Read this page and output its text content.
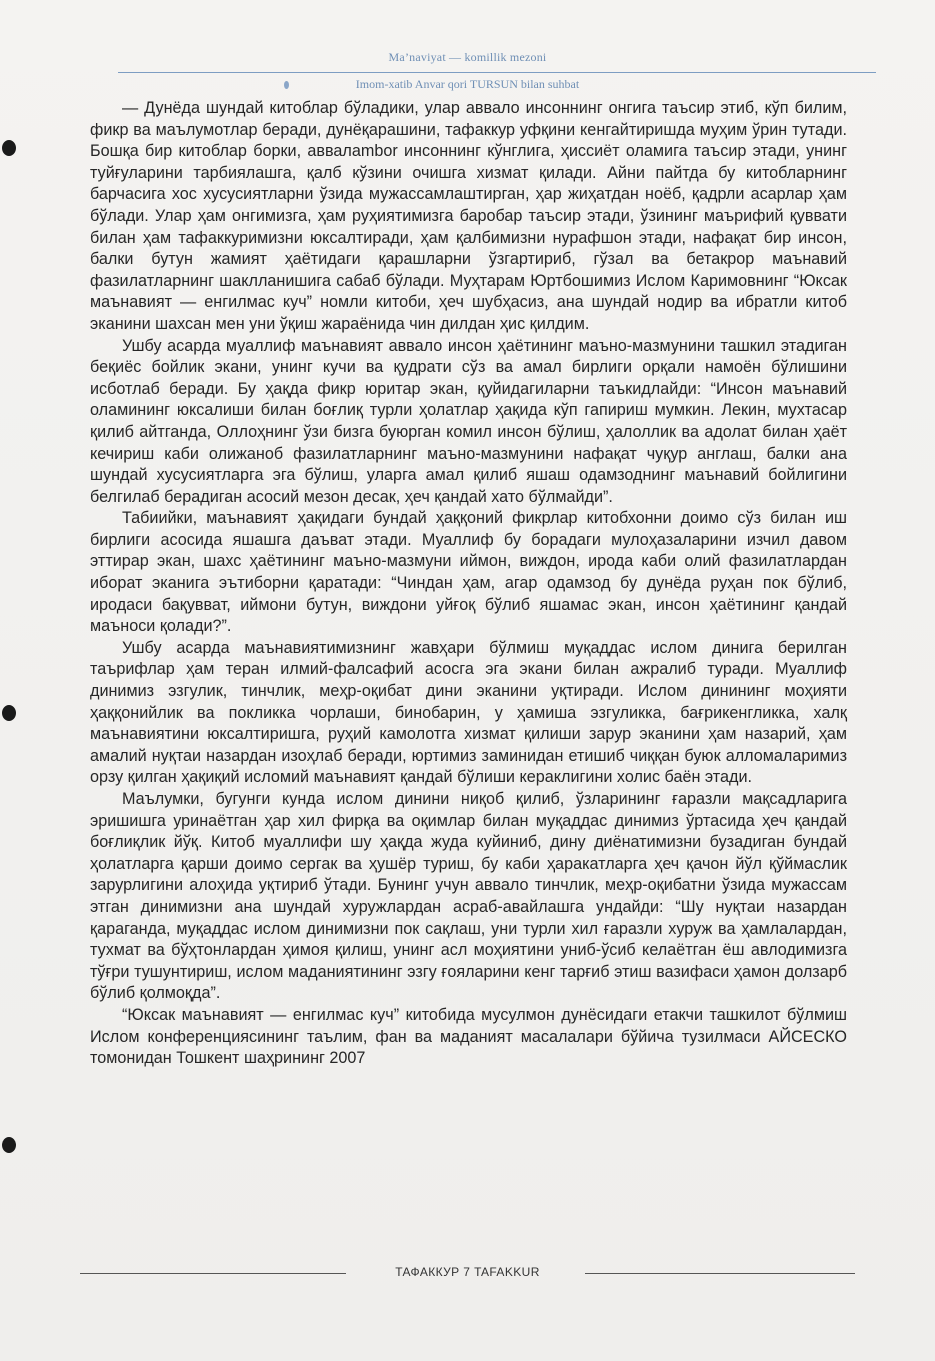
Ma’naviyat — komillik mezoni
Imom-xatib Anvar qori TURSUN bilan suhbat

— Дунёда шундай китоблар бўладики, улар аввало инсоннинг онгига таъсир этиб, кўп билим, фикр ва маълумотлар беради, дунёқарашини, тафаккур уфқини кенгайтиришда муҳим ўрин тутади. Бошқа бир китоблар борки, аввалambor инсоннинг кўнглига, ҳиссиёт оламига таъсир этади, унинг туйғуларини тарбиялашга, қалб кўзини очишга хизмат қилади. Айни пайтда бу китобларнинг барчасига хос хусусиятларни ўзида мужассамлаштирган, ҳар жиҳатдан ноёб, қадрли асарлар ҳам бўлади. Улар ҳам онгимизга, ҳам руҳиятимизга баробар таъсир этади, ўзининг маърифий қуввати билан ҳам тафаккуримизни юксалтиради, ҳам қалбимизни нурафшон этади, нафақат бир инсон, балки бутун жамият ҳаётидаги қарашларни ўзгартириб, гўзал ва бетакрор маънавий фазилатларнинг шаклланишига сабаб бўлади. Муҳтарам Юртбошимиз Ислом Каримовнинг “Юксак маънавият — енгилмас куч” номли китоби, ҳеч шубҳасиз, ана шундай нодир ва ибратли китоб эканини шахсан мен уни ўқиш жараёнида чин дилдан ҳис қилдим.

Ушбу асарда муаллиф маънавият аввало инсон ҳаётининг маъно-мазмунини ташкил этадиган беқиёс бойлик экани, унинг кучи ва қудрати сўз ва амал бирлиги орқали намоён бўлишини исботлаб беради. Бу ҳақда фикр юритар экан, қуйидагиларни таъкидлайди: “Инсон маънавий оламининг юксалиши билан боғлиқ турли ҳолатлар ҳақида кўп гапириш мумкин. Лекин, мухтасар қилиб айтганда, Оллоҳнинг ўзи бизга буюрган комил инсон бўлиш, ҳалоллик ва адолат билан ҳаёт кечириш каби олижаноб фазилатларнинг маъно-мазмунини нафақат чуқур англаш, балки ана шундай хусусиятларга эга бўлиш, уларга амал қилиб яшаш одамзоднинг маънавий бойлигини белгилаб берадиган асосий мезон десак, ҳеч қандай хато бўлмайди”.

Табиийки, маънавият ҳақидаги бундай ҳаққоний фикрлар китобхонни доимо сўз билан иш бирлиги асосида яшашга даъват этади. Муаллиф бу борадаги мулоҳазаларини изчил давом эттирар экан, шахс ҳаётининг маъно-мазмуни иймон, виждон, ирода каби олий фазилатлардан иборат эканига эътиборни қаратади: “Чиндан ҳам, агар одамзод бу дунёда руҳан пок бўлиб, иродаси бақувват, иймони бутун, виждони уйғоқ бўлиб яшамас экан, инсон ҳаётининг қандай маъноси қолади?”.

Ушбу асарда маънавиятимизнинг жавҳари бўлмиш муқаддас ислом динига берилган таърифлар ҳам теран илмий-фалсафий асосга эга экани билан ажралиб туради. Муаллиф динимиз эзгулик, тинчлик, меҳр-оқибат дини эканини уқтиради. Ислом динининг моҳияти ҳаққонийлик ва покликка чорлаши, бинобарин, у ҳамиша эзгуликка, бағрикенгликка, халқ маънавиятини юксалтиришга, руҳий камолотга хизмат қилиши зарур эканини ҳам назарий, ҳам амалий нуқтаи назардан изоҳлаб беради, юртимиз заминидан етишиб чиққан буюк алломаларимиз орзу қилган ҳақиқий исломий маънавият қандай бўлиши кераклигини холис баён этади.

Маълумки, бугунги кунда ислом динини ниқоб қилиб, ўзларининг ғаразли мақсадларига эришишга уринаётган ҳар хил фирқа ва оқимлар билан муқаддас динимиз ўртасида ҳеч қандай боғлиқлик йўқ. Китоб муаллифи шу ҳақда жуда куйиниб, дину диёнатимизни бузадиган бундай ҳолатларга қарши доимо сергак ва ҳушёр туриш, бу каби ҳаракатларга ҳеч қачон йўл қўймаслик зарурлигини алоҳида уқтириб ўтади. Бунинг учун аввало тинчлик, меҳр-оқибатни ўзида мужассам этган динимизни ана шундай хуружлардан асраб-авайлашга ундайди: “Шу нуқтаи назардан қараганда, муқаддас ислом динимизни пок сақлаш, уни турли хил ғаразли хуруж ва ҳамлалардан, тухмат ва бўҳтонлардан ҳимоя қилиш, унинг асл моҳиятини униб-ўсиб келаётган ёш авлодимизга тўғри тушунтириш, ислом маданиятининг эзгу ғояларини кенг тарғиб этиш вазифаси ҳамон долзарб бўлиб қолмоқда”.

“Юксак маънавият — енгилмас куч” китобида мусулмон дунёсидаги етакчи ташкилот бўлмиш Ислом конференциясининг таълим, фан ва маданият масалалари бўйича тузилмаси АЙСЕСКО томонидан Тошкент шаҳрининг 2007

ТАФАККУР 7 TAFAKKUR
